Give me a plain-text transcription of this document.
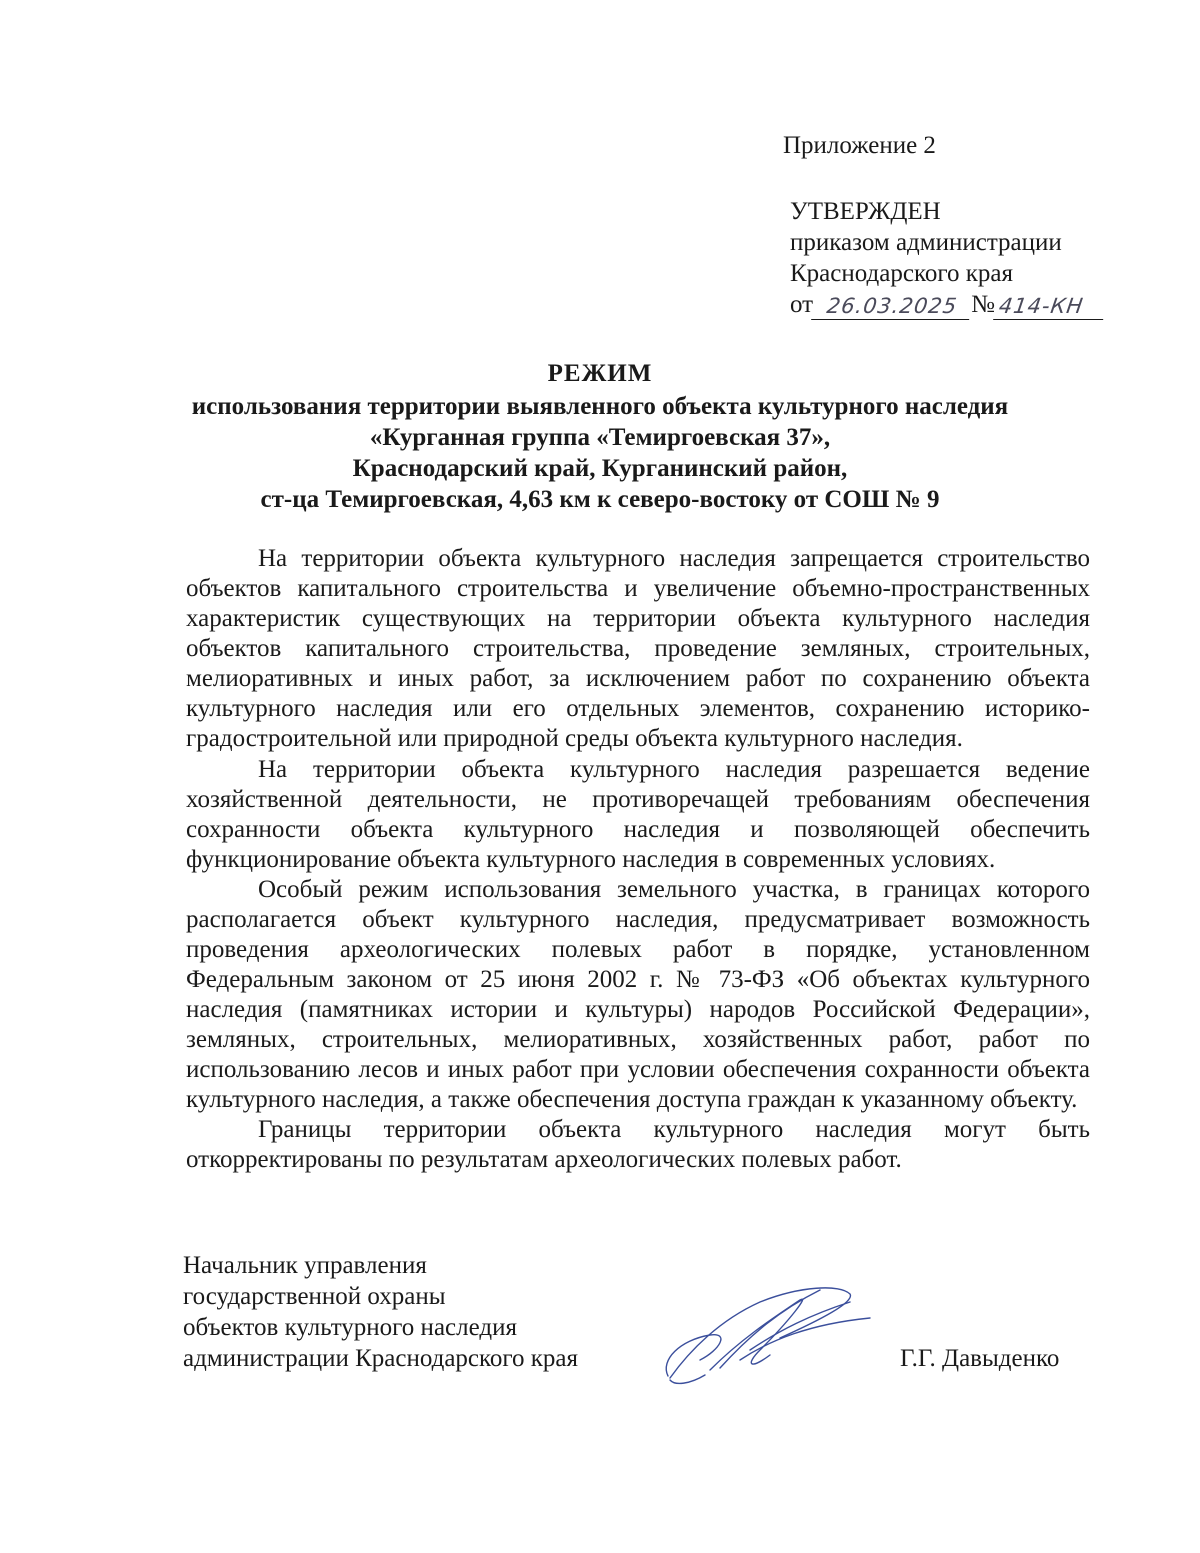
Приложение 2
УТВЕРЖДЕН
приказом администрации
Краснодарского края
от 26.03.2025 № 414-КН
РЕЖИМ
использования территории выявленного объекта культурного наследия
«Курганная группа «Темиргоевская 37»,
Краснодарский край, Курганинский район,
ст-ца Темиргоевская, 4,63 км к северо-востоку от СОШ № 9

На территории объекта культурного наследия запрещается строительство объектов капитального строительства и увеличение объемно-пространственных характеристик существующих на территории объекта культурного наследия объектов капитального строительства, проведение земляных, строительных, мелиоративных и иных работ, за исключением работ по сохранению объекта культурного наследия или его отдельных элементов, сохранению историко-градостроительной или природной среды объекта культурного наследия.

На территории объекта культурного наследия разрешается ведение хозяйственной деятельности, не противоречащей требованиям обеспечения сохранности объекта культурного наследия и позволяющей обеспечить функционирование объекта культурного наследия в современных условиях.

Особый режим использования земельного участка, в границах которого располагается объект культурного наследия, предусматривает возможность проведения археологических полевых работ в порядке, установленном Федеральным законом от 25 июня 2002 г. № 73-ФЗ «Об объектах культурного наследия (памятниках истории и культуры) народов Российской Федерации», земляных, строительных, мелиоративных, хозяйственных работ, работ по использованию лесов и иных работ при условии обеспечения сохранности объекта культурного наследия, а также обеспечения доступа граждан к указанному объекту.

Границы территории объекта культурного наследия могут быть откорректированы по результатам археологических полевых работ.

Начальник управления
государственной охраны
объектов культурного наследия
администрации Краснодарского края	Г.Г. Давыденко
